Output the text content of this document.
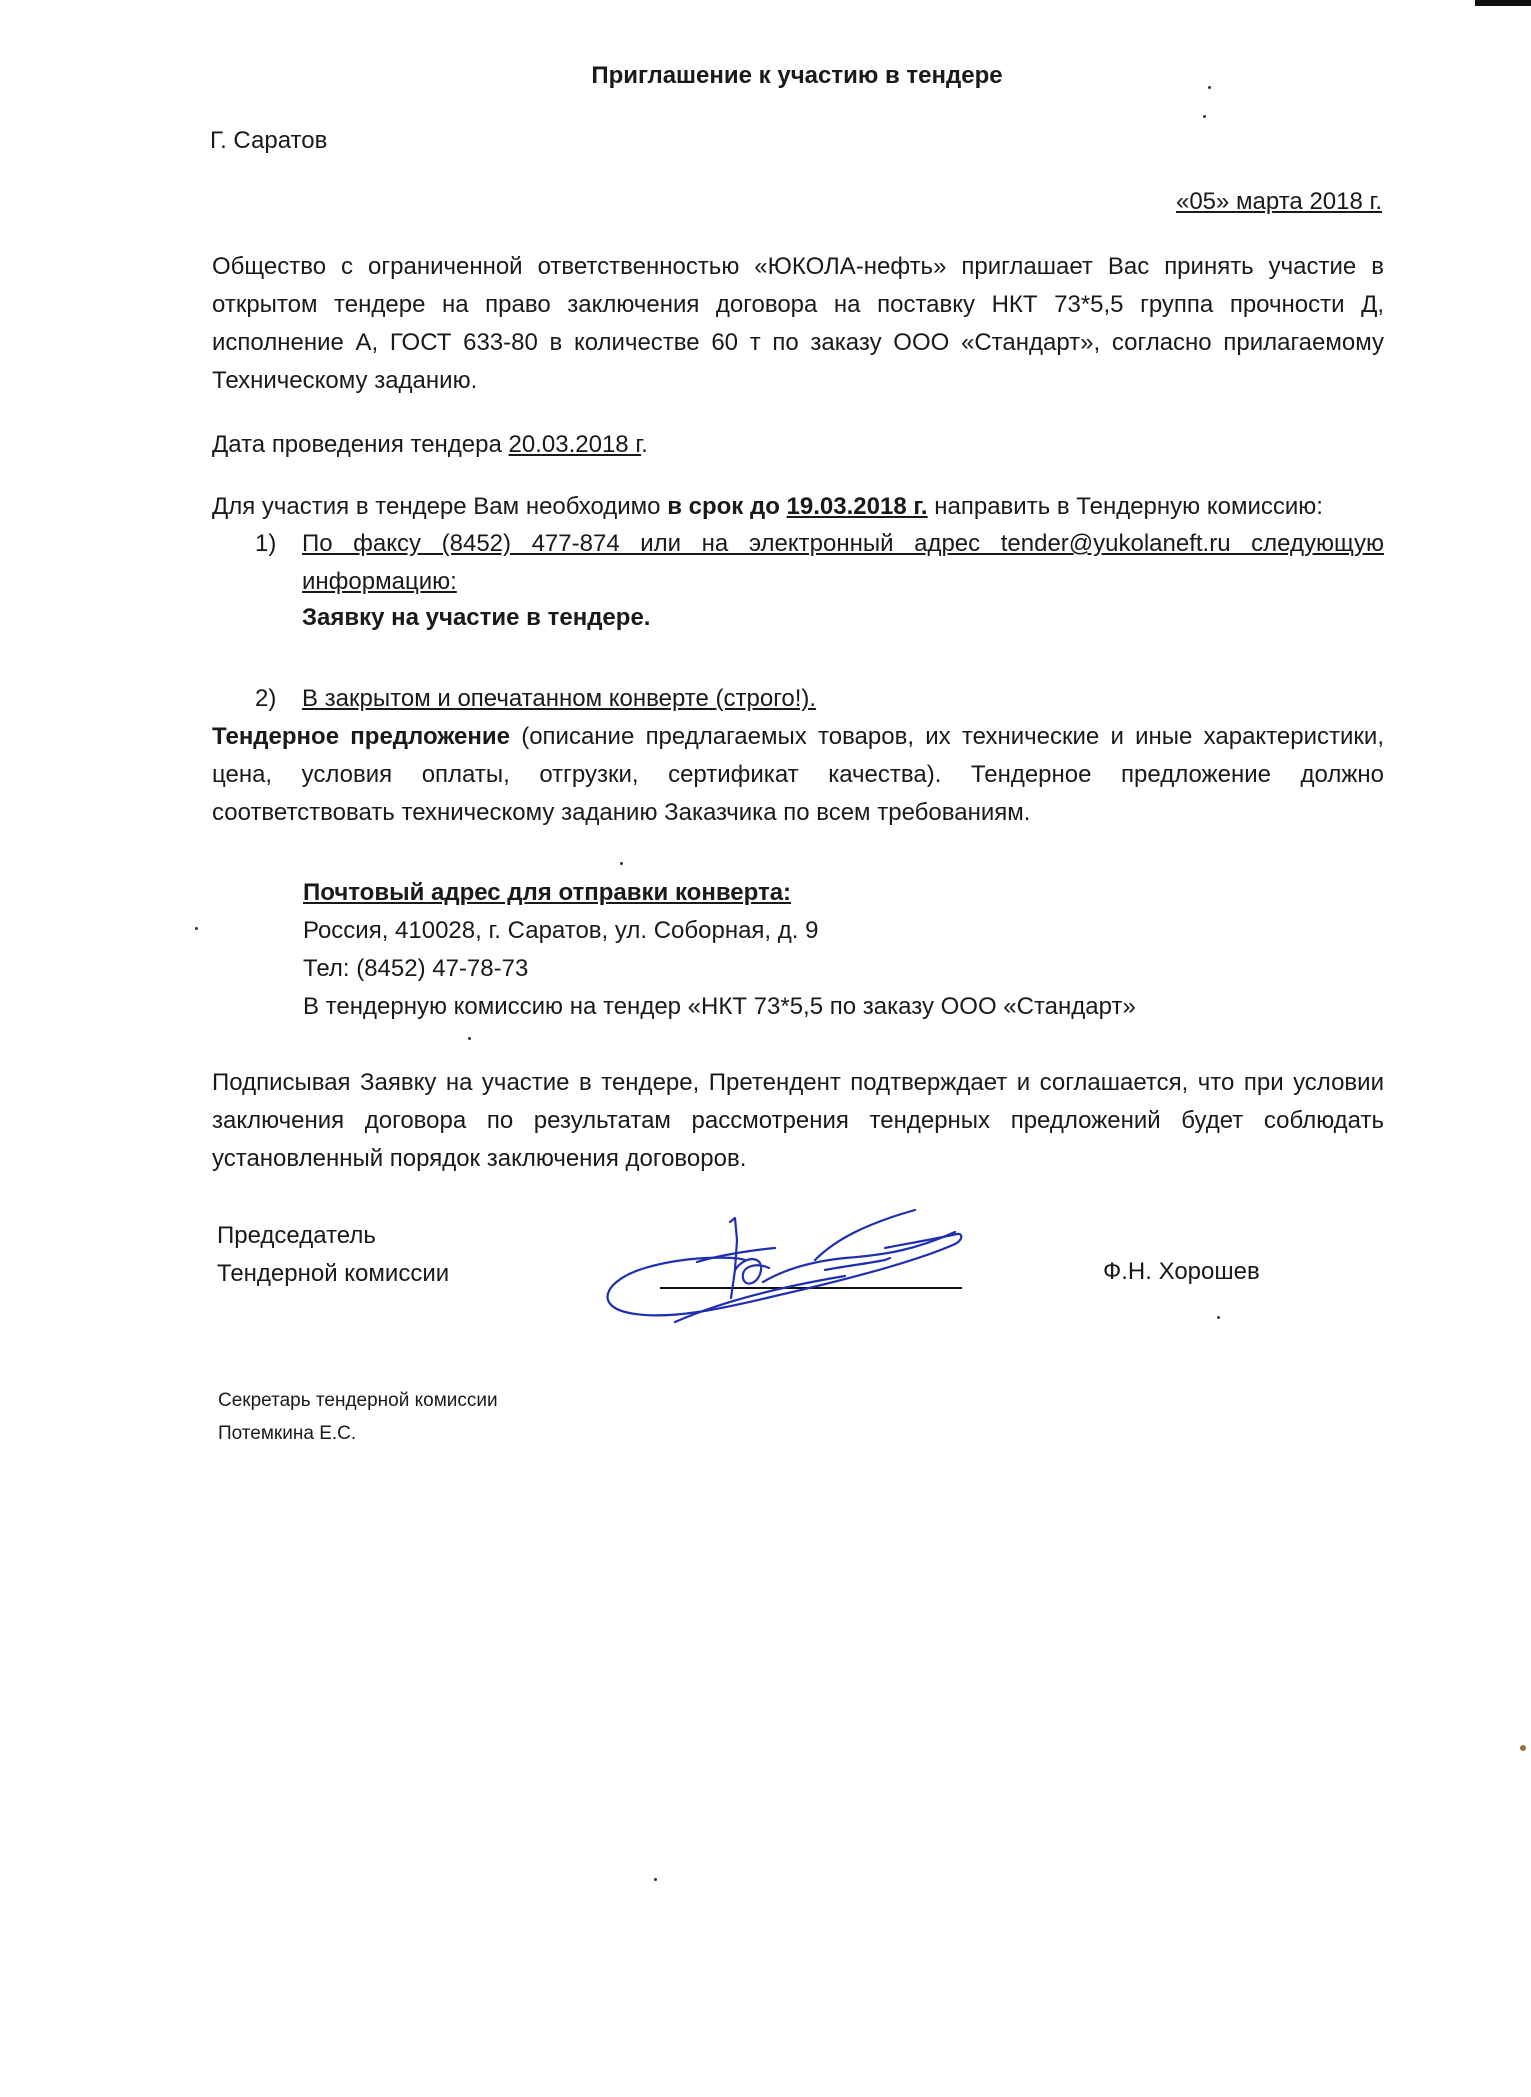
Приглашение к участию в тендере
Г. Саратов
«05» марта 2018 г.
Общество с ограниченной ответственностью «ЮКОЛА-нефть» приглашает Вас принять участие в открытом тендере на право заключения договора на поставку НКТ 73*5,5 группа прочности Д, исполнение А, ГОСТ 633-80 в количестве 60 т по заказу ООО «Стандарт», согласно прилагаемому Техническому заданию.
Дата проведения тендера 20.03.2018 г.
Для участия в тендере Вам необходимо в срок до 19.03.2018 г. направить в Тендерную комиссию:
1) По факсу (8452) 477-874 или на электронный адрес tender@yukolaneft.ru следующую информацию:
Заявку на участие в тендере.
2) В закрытом и опечатанном конверте (строго!).
Тендерное предложение (описание предлагаемых товаров, их технические и иные характеристики, цена, условия оплаты, отгрузки, сертификат качества). Тендерное предложение должно соответствовать техническому заданию Заказчика по всем требованиям.
Почтовый адрес для отправки конверта:
Россия, 410028, г. Саратов, ул. Соборная, д. 9
Тел: (8452) 47-78-73
В тендерную комиссию на тендер «НКТ 73*5,5 по заказу ООО «Стандарт»
Подписывая Заявку на участие в тендере, Претендент подтверждает и соглашается, что при условии заключения договора по результатам рассмотрения тендерных предложений будет соблюдать установленный порядок заключения договоров.
Председатель
Тендерной комиссии	Ф.Н. Хорошев
Секретарь тендерной комиссии
Потемкина Е.С.
